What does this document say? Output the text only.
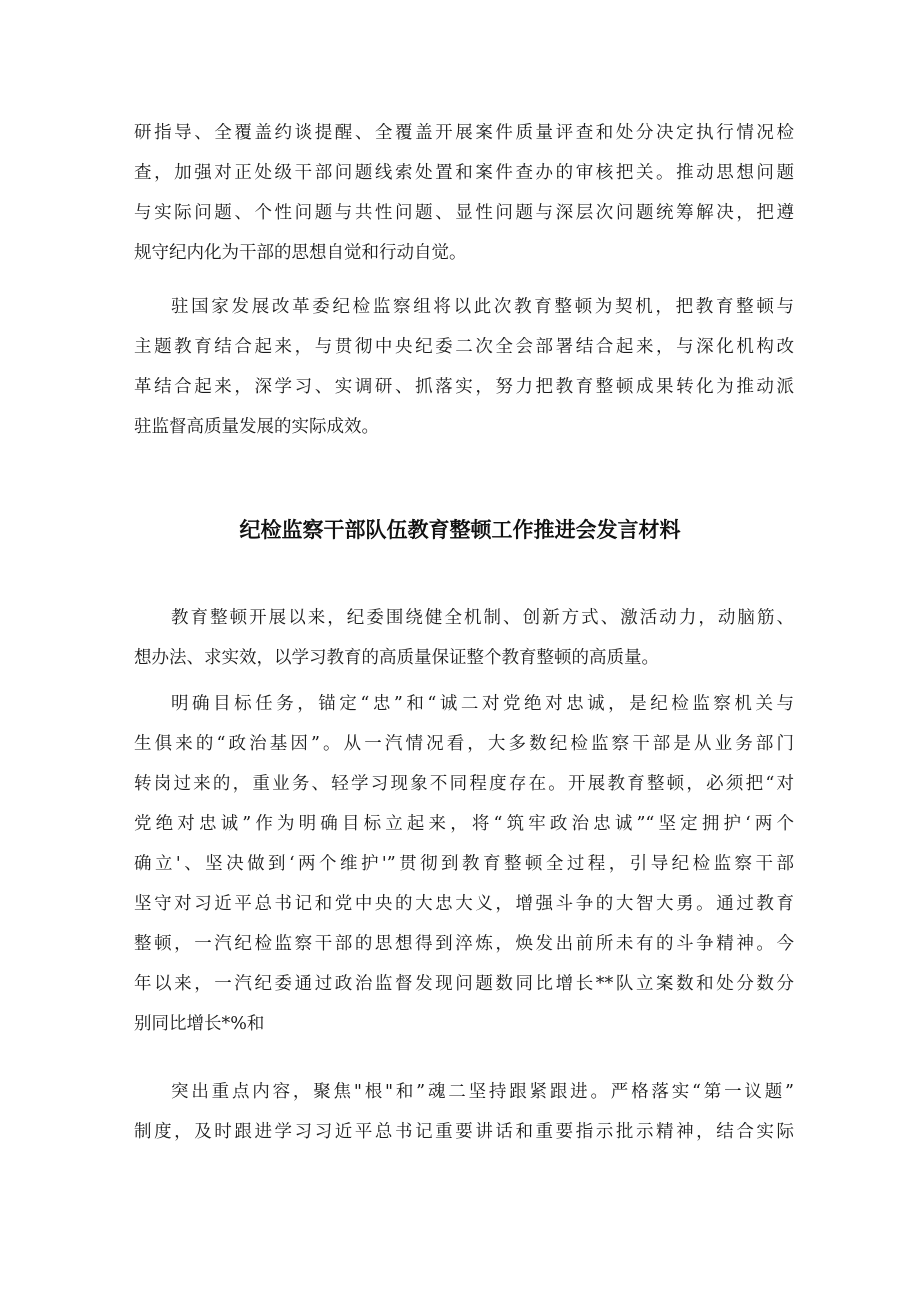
研指导、全覆盖约谈提醒、全覆盖开展案件质量评查和处分决定执行情况检
查，加强对正处级干部问题线索处置和案件查办的审核把关。推动思想问题
与实际问题、个性问题与共性问题、显性问题与深层次问题统筹解决，把遵
规守纪内化为干部的思想自觉和行动自觉。
驻国家发展改革委纪检监察组将以此次教育整顿为契机，把教育整顿与
主题教育结合起来，与贯彻中央纪委二次全会部署结合起来，与深化机构改
革结合起来，深学习、实调研、抓落实，努力把教育整顿成果转化为推动派
驻监督高质量发展的实际成效。
纪检监察干部队伍教育整顿工作推进会发言材料
教育整顿开展以来，纪委围绕健全机制、创新方式、激活动力，动脑筋、
想办法、求实效，以学习教育的高质量保证整个教育整顿的高质量。
明确目标任务，锚定“忠”和“诚二对党绝对忠诚，是纪检监察机关与
生俱来的“政治基因”。从一汽情况看，大多数纪检监察干部是从业务部门
转岗过来的，重业务、轻学习现象不同程度存在。开展教育整顿，必须把“对
党绝对忠诚”作为明确目标立起来，将“筑牢政治忠诚”“坚定拥护‘两个
确立'、坚决做到‘两个维护'”贯彻到教育整顿全过程，引导纪检监察干部
坚守对习近平总书记和党中央的大忠大义，增强斗争的大智大勇。通过教育
整顿，一汽纪检监察干部的思想得到淬炼，焕发出前所未有的斗争精神。今
年以来，一汽纪委通过政治监督发现问题数同比增长**队立案数和处分数分
别同比增长*%和
突出重点内容，聚焦"根"和”魂二坚持跟紧跟进。严格落实“第一议题”
制度，及时跟进学习习近平总书记重要讲话和重要指示批示精神，结合实际
